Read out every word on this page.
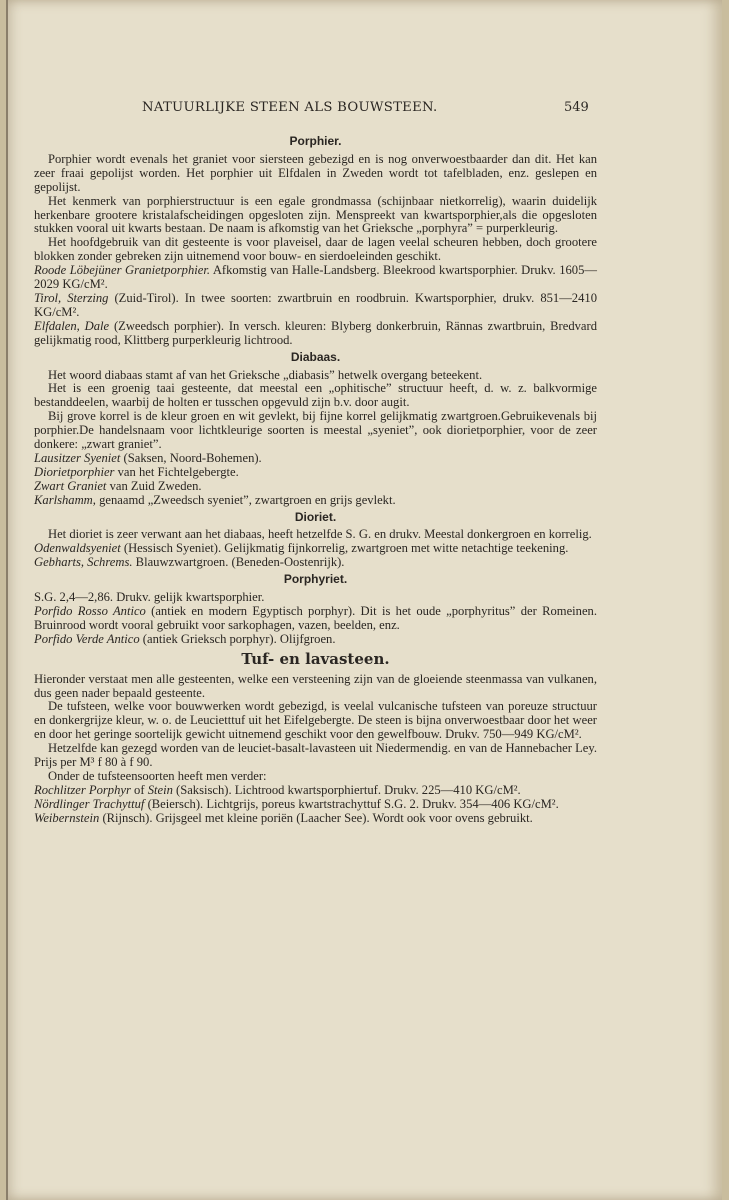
NATUURLIJKE STEEN ALS BOUWSTEEN.	549
Porphier.

Porphier wordt evenals het graniet voor siersteen gebezigd en is nog onverwoestbaarder dan dit. Het kan zeer fraai gepolijst worden. Het porphier uit Elfdalen in Zweden wordt tot tafelbladen, enz. geslepen en gepolijst.

Het kenmerk van porphierstructuur is een egale grondmassa (schijnbaar nietkorrelig), waarin duidelijk herkenbare grootere kristalafscheidingen opgesloten zijn. Menspreekt van kwartsporphier,als die opgesloten stukken vooral uit kwarts bestaan. De naam is afkomstig van het Grieksche „porphyra” = purperkleurig.

Het hoofdgebruik van dit gesteente is voor plaveisel, daar de lagen veelal scheuren hebben, doch grootere blokken zonder gebreken zijn uitnemend voor bouw- en sierdoeleinden geschikt.

Roode Löbejüner Granietporphier. Afkomstig van Halle-Landsberg. Bleekrood kwartsporphier. Drukv. 1605—2029 KG/cM².

Tirol, Sterzing (Zuid-Tirol). In twee soorten: zwartbruin en roodbruin. Kwartsporphier, drukv. 851—2410 KG/cM².

Elfdalen, Dale (Zweedsch porphier). In versch. kleuren: Blyberg donkerbruin, Rännas zwartbruin, Bredvard gelijkmatig rood, Klittberg purperkleurig lichtrood.

Diabaas.

Het woord diabaas stamt af van het Grieksche „diabasis” hetwelk overgang beteekent.

Het is een groenig taai gesteente, dat meestal een „ophitische” structuur heeft, d. w. z. balkvormige bestanddeelen, waarbij de holten er tusschen opgevuld zijn b.v. door augit.

Bij grove korrel is de kleur groen en wit gevlekt, bij fijne korrel gelijkmatig zwartgroen.Gebruikevenals bij porphier.De handelsnaam voor lichtkleurige soorten is meestal „syeniet”, ook diorietporphier, voor de zeer donkere: „zwart graniet”.

Lausitzer Syeniet (Saksen, Noord-Bohemen).

Diorietporphier van het Fichtelgebergte.

Zwart Graniet van Zuid Zweden.

Karlshamm, genaamd „Zweedsch syeniet”, zwartgroen en grijs gevlekt.

Dioriet.

Het dioriet is zeer verwant aan het diabaas, heeft hetzelfde S. G. en drukv. Meestal donkergroen en korrelig.

Odenwaldsyeniet (Hessisch Syeniet). Gelijkmatig fijnkorrelig, zwartgroen met witte netachtige teekening.

Gebharts, Schrems. Blauwzwartgroen. (Beneden-Oostenrijk).

Porphyriet.

S.G. 2,4—2,86. Drukv. gelijk kwartsporphier.

Porfido Rosso Antico (antiek en modern Egyptisch porphyr). Dit is het oude „porphyritus” der Romeinen. Bruinrood wordt vooral gebruikt voor sarkophagen, vazen, beelden, enz.

Porfido Verde Antico (antiek Grieksch porphyr). Olijfgroen.

Tuf- en lavasteen.

Hieronder verstaat men alle gesteenten, welke een versteening zijn van de gloeiende steenmassa van vulkanen, dus geen nader bepaald gesteente.

De tufsteen, welke voor bouwwerken wordt gebezigd, is veelal vulcanische tufsteen van poreuze structuur en donkergrijze kleur, w. o. de Leucietttuf uit het Eifelgebergte. De steen is bijna onverwoestbaar door het weer en door het geringe soortelijk gewicht uitnemend geschikt voor den gewelfbouw. Drukv. 750—949 KG/cM².

Hetzelfde kan gezegd worden van de leuciet-basalt-lavasteen uit Niedermendig. en van de Hannebacher Ley. Prijs per M³ f 80 à f 90.

Onder de tufsteensoorten heeft men verder:

Rochlitzer Porphyr of Stein (Saksisch). Lichtrood kwartsporphiertuf. Drukv. 225—410 KG/cM².

Nördlinger Trachyttuf (Beiersch). Lichtgrijs, poreus kwartstrachyttuf S.G. 2. Drukv. 354—406 KG/cM².

Weibernstein (Rijnsch). Grijsgeel met kleine poriën (Laacher See). Wordt ook voor ovens gebruikt.
